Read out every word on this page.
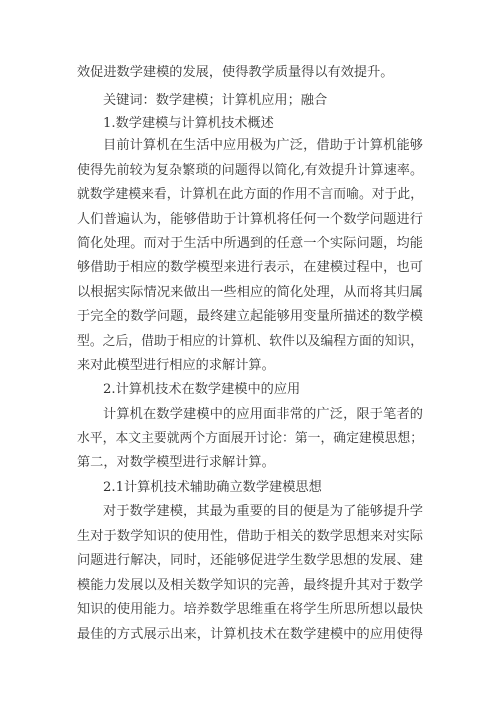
效促进数学建模的发展，使得教学质量得以有效提升。
关键词：数学建模；计算机应用；融合
1.数学建模与计算机技术概述
目前计算机在生活中应用极为广泛，借助于计算机能够
使得先前较为复杂繁琐的问题得以简化,有效提升计算速率。
就数学建模来看，计算机在此方面的作用不言而喻。对于此，
人们普遍认为，能够借助于计算机将任何一个数学问题进行
简化处理。而对于生活中所遇到的任意一个实际问题，均能
够借助于相应的数学模型来进行表示，在建模过程中，也可
以根据实际情况来做出一些相应的简化处理，从而将其归属
于完全的数学问题，最终建立起能够用变量所描述的数学模
型。之后，借助于相应的计算机、软件以及编程方面的知识，
来对此模型进行相应的求解计算。
2.计算机技术在数学建模中的应用
计算机在数学建模中的应用面非常的广泛，限于笔者的
水平，本文主要就两个方面展开讨论：第一，确定建模思想；
第二，对数学模型进行求解计算。
2.1计算机技术辅助确立数学建模思想
对于数学建模，其最为重要的目的便是为了能够提升学
生对于数学知识的使用性，借助于相关的数学思想来对实际
问题进行解决，同时，还能够促进学生数学思想的发展、建
模能力发展以及相关数学知识的完善，最终提升其对于数学
知识的使用能力。培养数学思维重在将学生所思所想以最快
最佳的方式展示出来，计算机技术在数学建模中的应用使得
